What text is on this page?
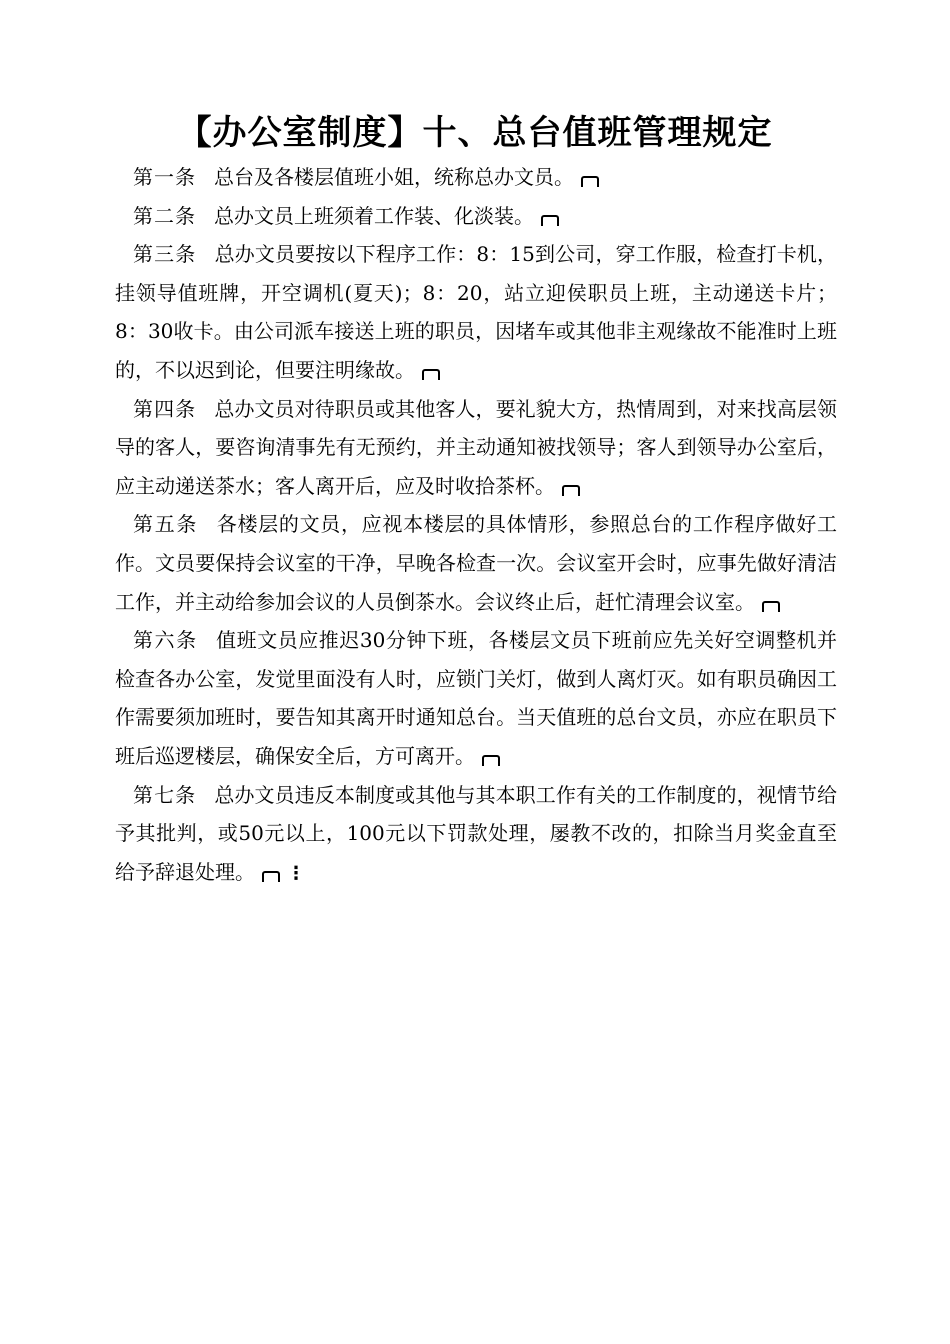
【办公室制度】十、总台值班管理规定

第一条 总台及各楼层值班小姐，统称总办文员。

第二条 总办文员上班须着工作装、化淡装。

第三条 总办文员要按以下程序工作：8：15到公司，穿工作服，检查打卡机，挂领导值班牌，开空调机(夏天)；8：20，站立迎侯职员上班，主动递送卡片；8：30收卡。由公司派车接送上班的职员，因堵车或其他非主观缘故不能准时上班的，不以迟到论，但要注明缘故。

第四条 总办文员对待职员或其他客人，要礼貌大方，热情周到，对来找高层领导的客人，要咨询清事先有无预约，并主动通知被找领导；客人到领导办公室后，应主动递送茶水；客人离开后，应及时收拾茶杯。

第五条 各楼层的文员，应视本楼层的具体情形，参照总台的工作程序做好工作。文员要保持会议室的干净，早晚各检查一次。会议室开会时，应事先做好清洁工作，并主动给参加会议的人员倒茶水。会议终止后，赶忙清理会议室。

第六条 值班文员应推迟30分钟下班，各楼层文员下班前应先关好空调整机并检查各办公室，发觉里面没有人时，应锁门关灯，做到人离灯灭。如有职员确因工作需要须加班时，要告知其离开时通知总台。当天值班的总台文员，亦应在职员下班后巡逻楼层，确保安全后，方可离开。

第七条 总办文员违反本制度或其他与其本职工作有关的工作制度的，视情节给予其批判，或50元以上，100元以下罚款处理，屡教不改的，扣除当月奖金直至给予辞退处理。 ⋮
